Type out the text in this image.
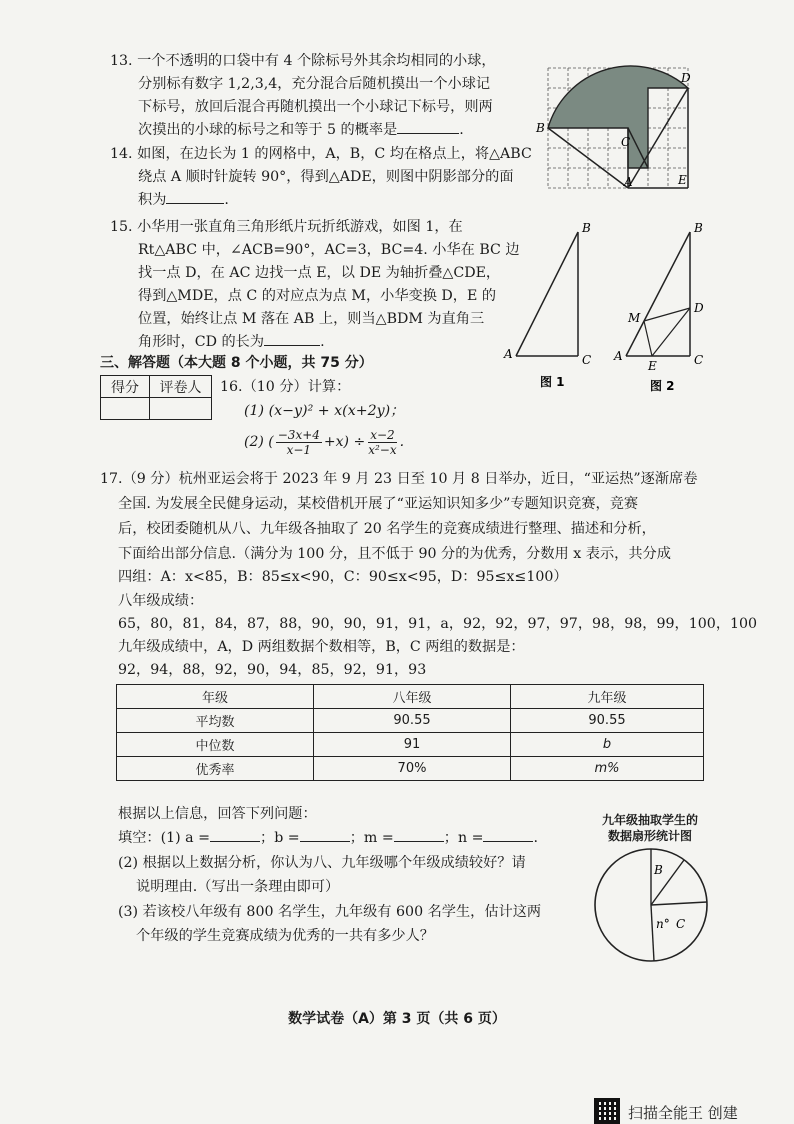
13. 一个不透明的口袋中有 4 个除标号外其余均相同的小球，
分别标有数字 1,2,3,4，充分混合后随机摸出一个小球记
下标号，放回后混合再随机摸出一个小球记下标号，则两
次摸出的小球的标号之和等于 5 的概率是	.
14. 如图，在边长为 1 的网格中，A，B，C 均在格点上，将△ABC
绕点 A 顺时针旋转 90°，得到△ADE，则图中阴影部分的面
积为	.
B
C
A
D
E
15. 小华用一张直角三角形纸片玩折纸游戏，如图 1，在
Rt△ABC 中，∠ACB=90°，AC=3，BC=4. 小华在 BC 边
找一点 D，在 AC 边找一点 E，以 DE 为轴折叠△CDE，
得到△MDE，点 C 的对应点为点 M，小华变换 D，E 的
位置，始终让点 M 落在 AB 上，则当△BDM 为直角三
角形时，CD 的长为	.
B
A	C
图 1
B
M
D
A
E	C
图 2
三、解答题（本大题 8 个小题，共 75 分）
得分	评卷人
	16.（10 分）计算：
(1) (x−y)² + x(x+2y)；
(2) ( $\frac{-3x+4}{x-1} +x) \div \frac{x-2}{\text{x²−x}}$ .
17.（9 分）杭州亚运会将于 2023 年 9 月 23 日至 10 月 8 日举办，近日，“亚运热”逐渐席卷
全国. 为发展全民健身运动，某校借机开展了“亚运知识知多少”专题知识竞赛，竞赛
后，校团委随机从八、九年级各抽取了 20 名学生的竞赛成绩进行整理、描述和分析，
下面给出部分信息.（满分为 100 分，且不低于 90 分的为优秀，分数用 x 表示，共分成
四组：A：x<85，B：85≤x<90，C：90≤x<95，D：95≤x≤100）
八年级成绩：
65，80，81，84，87，88，90，90，91，91，a，92，92，97，97，98，98，99，100，100
九年级成绩中，A，D 两组数据个数相等，B，C 两组的数据是：
92，94，88，92，90，94，85，92，91，93
年级	八年级	九年级
平均数	90.55	90.55
中位数	91	b
优秀率	70%	m%
根据以上信息，回答下列问题：
填空：(1) a =	；b =	；m =	；n =	.
(2) 根据以上数据分析，你认为八、九年级哪个年级成绩较好？请
说明理由.（写出一条理由即可）
(3) 若该校八年级有 800 名学生，九年级有 600 名学生，估计这两
个年级的学生竞赛成绩为优秀的一共有多少人？
九年级抽取学生的
数据扇形统计图
B
n° C
数学试卷（A）第 3 页（共 6 页）
扫描全能王 创建
